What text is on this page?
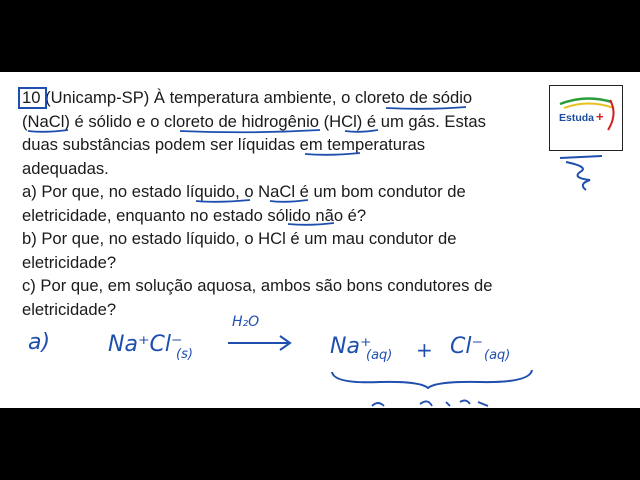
10 (Unicamp-SP) À temperatura ambiente, o cloreto de sódio

(NaCl) é sólido e o cloreto de hidrogênio (HCl) é um gás. Estas

duas substâncias podem ser líquidas em temperaturas

adequadas.

a) Por que, no estado líquido, o NaCl é um bom condutor de

eletricidade, enquanto no estado sólido não é?

b) Por que, no estado líquido, o HCl é um mau condutor de

eletricidade?

c) Por que, em solução aquosa, ambos são bons condutores de

eletricidade?

Estuda +
a)	Na⁺Cl⁻
(s)
H₂O
Na⁺
(aq) + Cl⁻ (aq)
